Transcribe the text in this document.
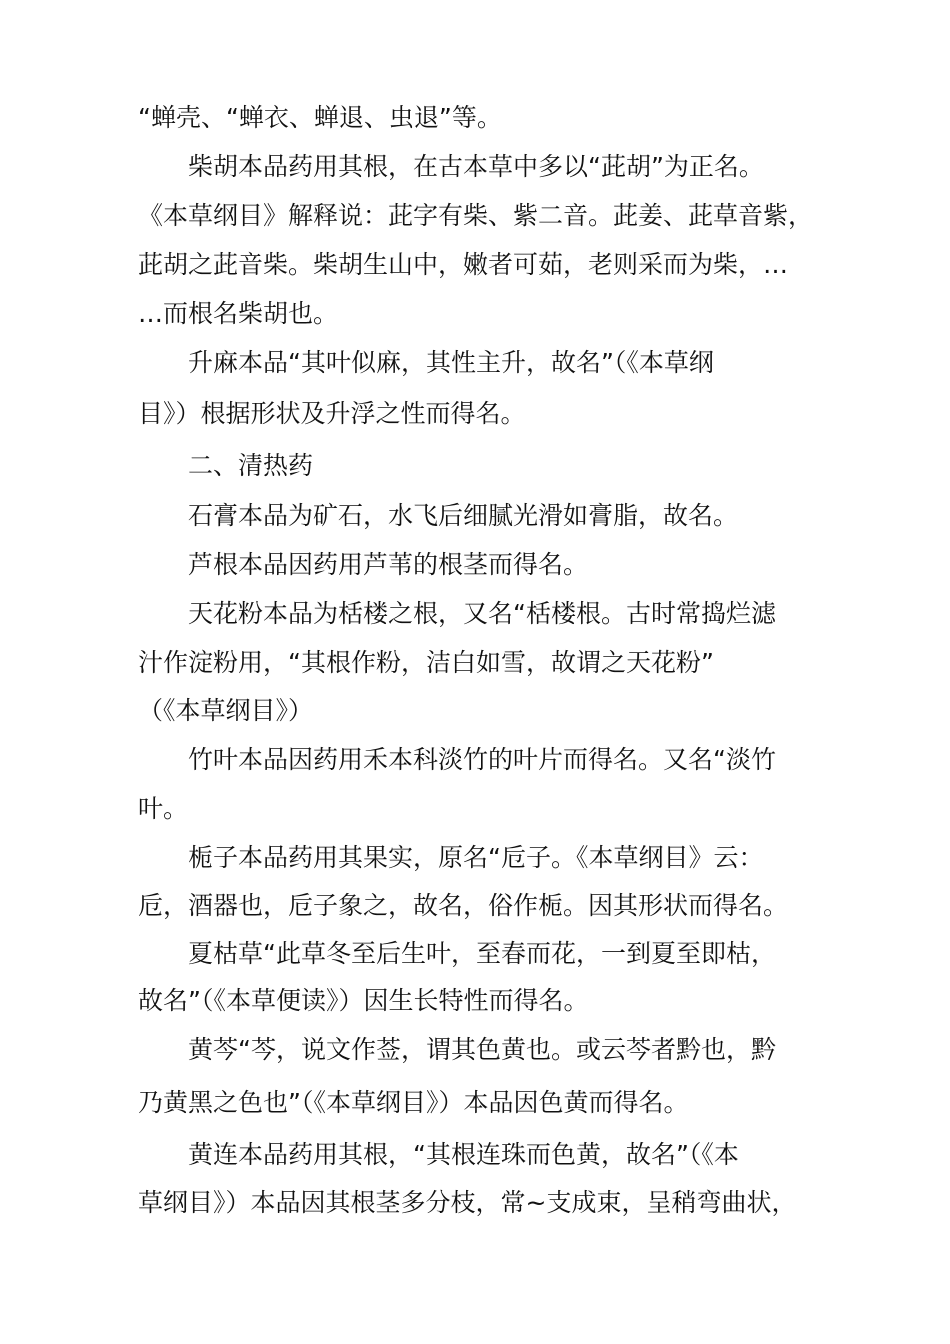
“蝉壳、“蝉衣、蝉退、虫退”等。
柴胡本品药用其根，在古本草中多以“茈胡”为正名。
《本草纲目》解释说：茈字有柴、紫二音。茈姜、茈草音紫，
茈胡之茈音柴。柴胡生山中，嫩者可茹，老则采而为柴，…
…而根名柴胡也。
升麻本品“其叶似麻，其性主升，故名”（《本草纲
目》）根据形状及升浮之性而得名。
二、清热药
石膏本品为矿石，水飞后细腻光滑如膏脂，故名。
芦根本品因药用芦苇的根茎而得名。
天花粉本品为栝楼之根，又名“栝楼根。古时常捣烂滤
汁作淀粉用，“其根作粉，洁白如雪，故谓之天花粉”
（《本草纲目》）
竹叶本品因药用禾本科淡竹的叶片而得名。又名“淡竹
叶。
栀子本品药用其果实，原名“卮子。《本草纲目》云：
卮，酒器也，卮子象之，故名，俗作栀。因其形状而得名。
夏枯草“此草冬至后生叶，至春而花，一到夏至即枯，
故名”（《本草便读》）因生长特性而得名。
黄芩“芩，说文作莶，谓其色黄也。或云芩者黔也，黔
乃黄黑之色也”（《本草纲目》）本品因色黄而得名。
黄连本品药用其根，“其根连珠而色黄，故名”（《本
草纲目》）本品因其根茎多分枝，常~支成束，呈稍弯曲状，
